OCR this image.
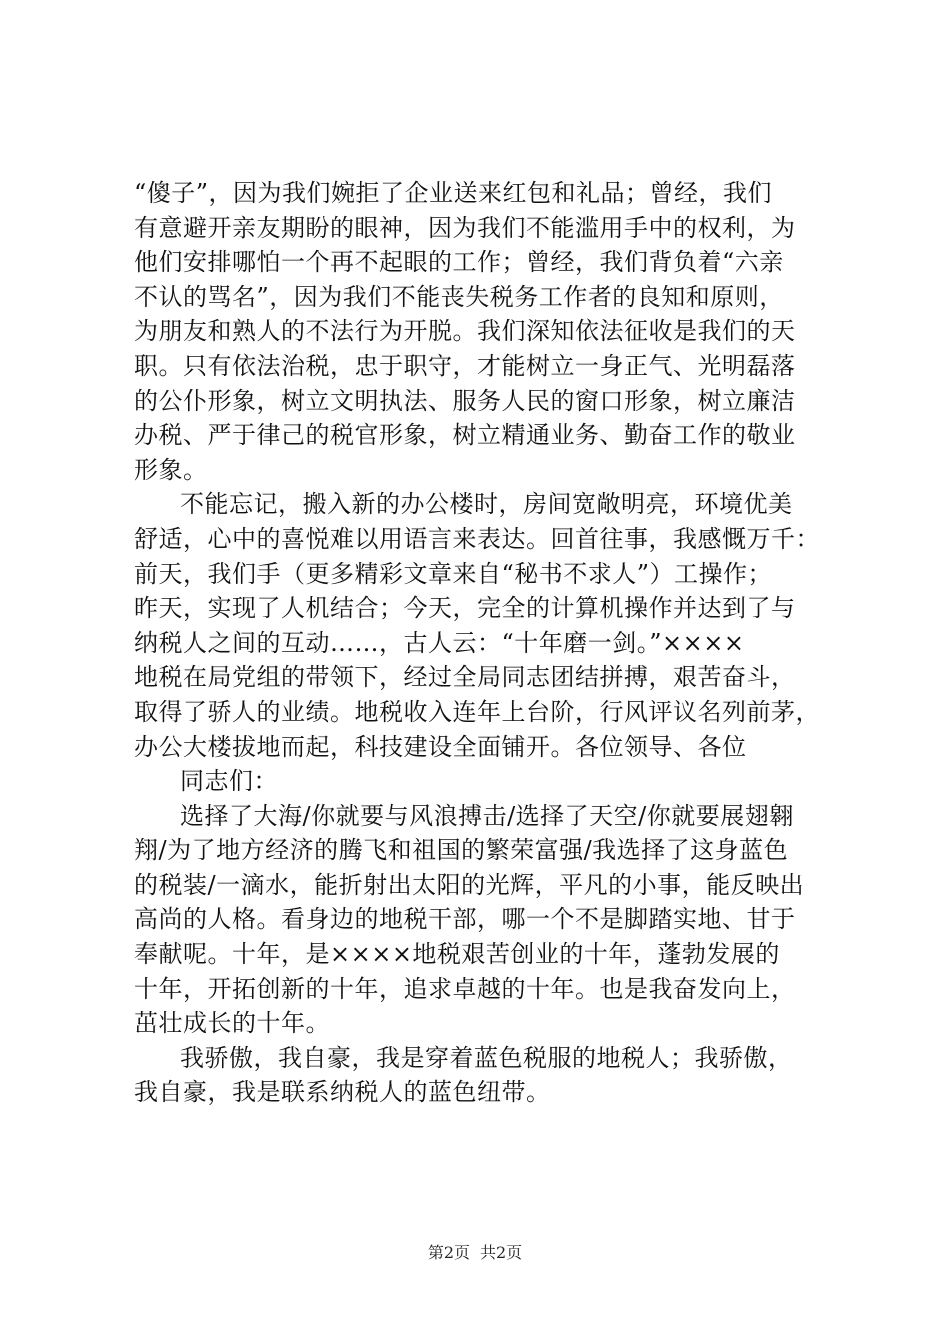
“傻子”，因为我们婉拒了企业送来红包和礼品；曾经，我们
有意避开亲友期盼的眼神，因为我们不能滥用手中的权利，为
他们安排哪怕一个再不起眼的工作；曾经，我们背负着“六亲
不认的骂名”，因为我们不能丧失税务工作者的良知和原则，
为朋友和熟人的不法行为开脱。我们深知依法征收是我们的天
职。只有依法治税，忠于职守，才能树立一身正气、光明磊落
的公仆形象，树立文明执法、服务人民的窗口形象，树立廉洁
办税、严于律己的税官形象，树立精通业务、勤奋工作的敬业
形象。
不能忘记，搬入新的办公楼时，房间宽敞明亮，环境优美
舒适，心中的喜悦难以用语言来表达。回首往事，我感慨万千：
前天，我们手（更多精彩文章来自“秘书不求人”）工操作；
昨天，实现了人机结合；今天，完全的计算机操作并达到了与
纳税人之间的互动……，古人云：“十年磨一剑。”××××
地税在局党组的带领下，经过全局同志团结拼搏，艰苦奋斗，
取得了骄人的业绩。地税收入连年上台阶，行风评议名列前茅，
办公大楼拔地而起，科技建设全面铺开。各位领导、各位
同志们：
选择了大海/你就要与风浪搏击/选择了天空/你就要展翅翱
翔/为了地方经济的腾飞和祖国的繁荣富强/我选择了这身蓝色
的税装/一滴水，能折射出太阳的光辉，平凡的小事，能反映出
高尚的人格。看身边的地税干部，哪一个不是脚踏实地、甘于
奉献呢。十年，是××××地税艰苦创业的十年，蓬勃发展的
十年，开拓创新的十年，追求卓越的十年。也是我奋发向上，
茁壮成长的十年。
我骄傲，我自豪，我是穿着蓝色税服的地税人；我骄傲，
我自豪，我是联系纳税人的蓝色纽带。
第2页 共2页
